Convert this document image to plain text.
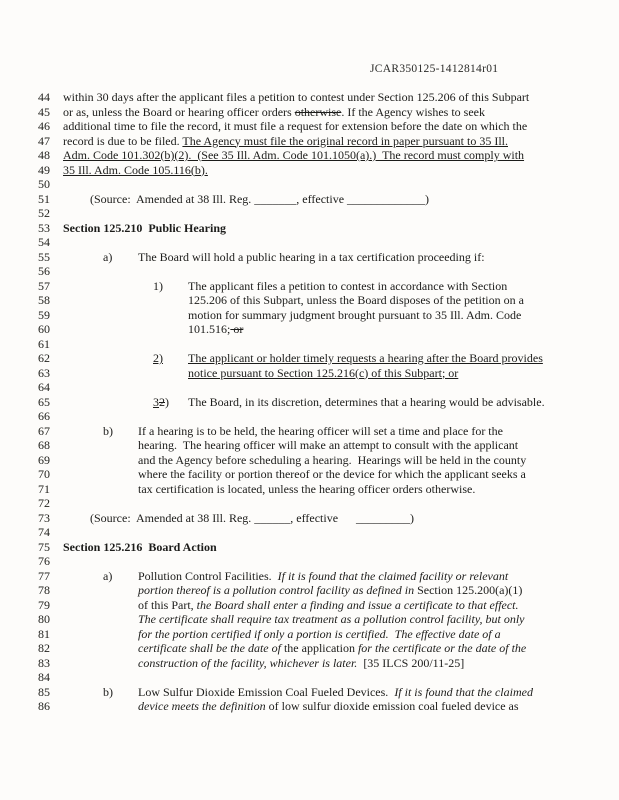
JCAR350125-1412814r01
44	within 30 days after the applicant files a petition to contest under Section 125.206 of this Subpart
45	or as, unless the Board or hearing officer orders otherwise. If the Agency wishes to seek
46	additional time to file the record, it must file a request for extension before the date on which the
47	record is due to be filed. The Agency must file the original record in paper pursuant to 35 Ill.
48	Adm. Code 101.302(b)(2).  (See 35 Ill. Adm. Code 101.1050(a).)  The record must comply with
49	35 Ill. Adm. Code 105.116(b).
50
51	(Source:  Amended at 38 Ill. Reg. _______, effective _____________)
52
53	Section 125.210  Public Hearing
54
55	a) The Board will hold a public hearing in a tax certification proceeding if:
56
57	1) The applicant files a petition to contest in accordance with Section
58	125.206 of this Subpart, unless the Board disposes of the petition on a
59	motion for summary judgment brought pursuant to 35 Ill. Adm. Code
60	101.516; or
61
62	2) The applicant or holder timely requests a hearing after the Board provides
63	notice pursuant to Section 125.216(c) of this Subpart; or
64
65	32) The Board, in its discretion, determines that a hearing would be advisable.
66
67	b) If a hearing is to be held, the hearing officer will set a time and place for the
68	hearing.  The hearing officer will make an attempt to consult with the applicant
69	and the Agency before scheduling a hearing.  Hearings will be held in the county
70	where the facility or portion thereof or the device for which the applicant seeks a
71	tax certification is located, unless the hearing officer orders otherwise.
72
73	(Source:  Amended at 38 Ill. Reg. ______, effective      _________)
74
75	Section 125.216  Board Action
76
77	a) Pollution Control Facilities.  If it is found that the claimed facility or relevant
78	portion thereof is a pollution control facility as defined in Section 125.200(a)(1)
79	of this Part, the Board shall enter a finding and issue a certificate to that effect.
80	The certificate shall require tax treatment as a pollution control facility, but only
81	for the portion certified if only a portion is certified.  The effective date of a
82	certificate shall be the date of the application for the certificate or the date of the
83	construction of the facility, whichever is later.  [35 ILCS 200/11-25]
84
85	b) Low Sulfur Dioxide Emission Coal Fueled Devices.  If it is found that the claimed
86	device meets the definition of low sulfur dioxide emission coal fueled device as
